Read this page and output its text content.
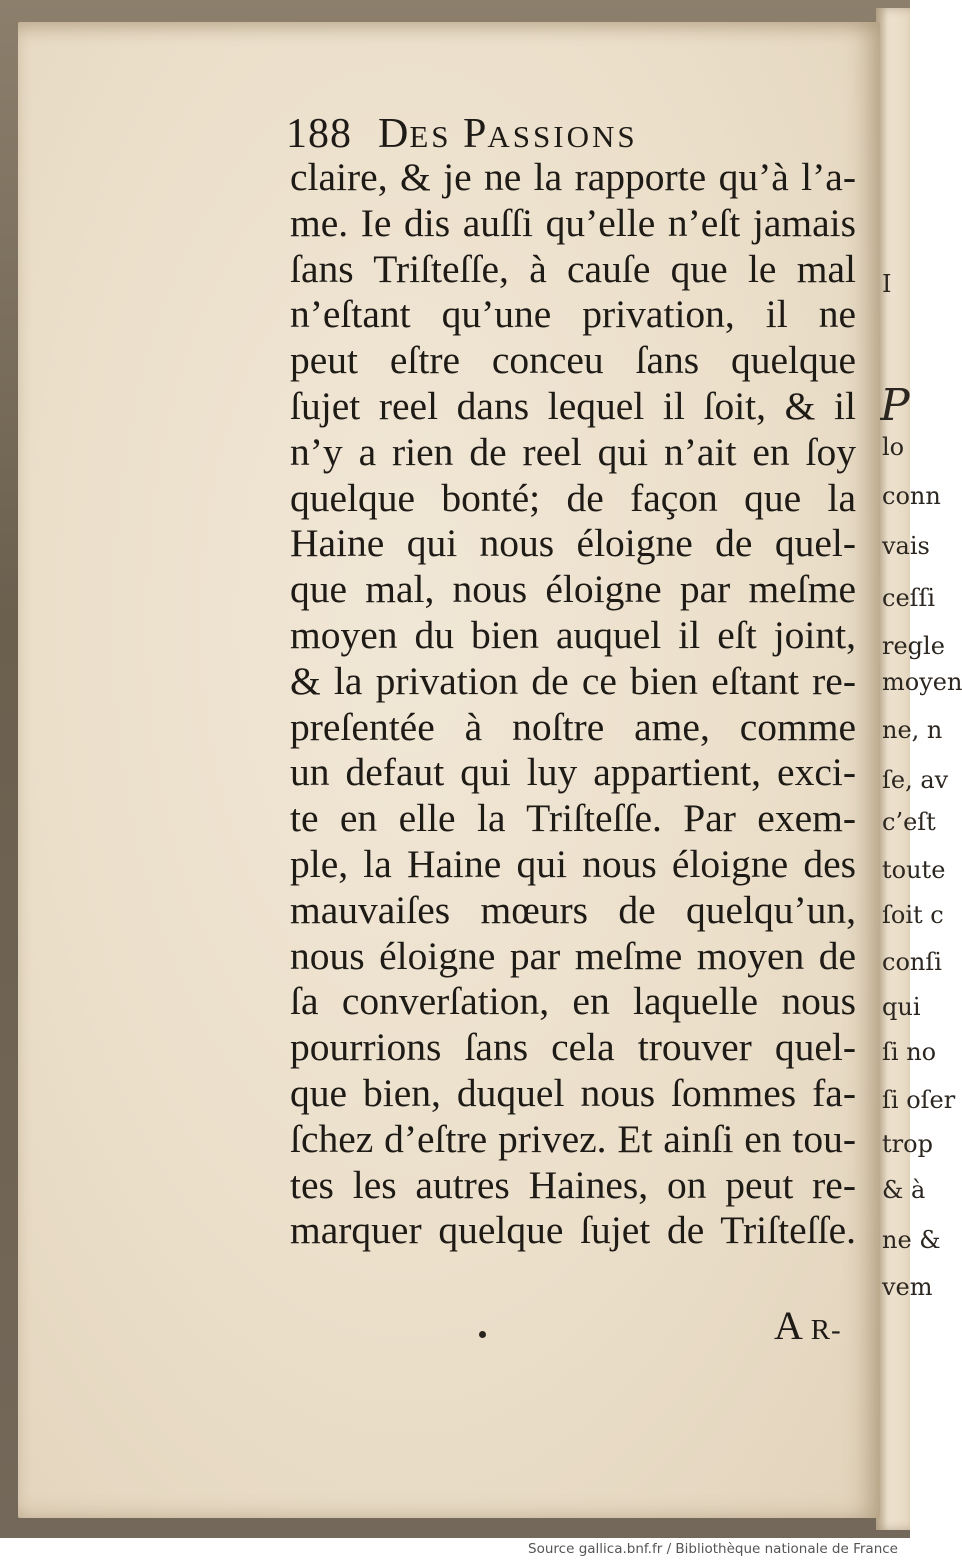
I
P
lo
conn
vais
ceſſi
regle
moyen
ne, n
ſe, av
c’eſt
toute
ſoit c
conſi
qui
ſi no
ſi oſer
trop
& à
ne &
vem
188 DES PASSIONS
claire, & je ne la rapporte qu’à l’a-
me. Ie dis auſſi qu’elle n’eſt jamais
ſans Triſteſſe, à cauſe que le mal
n’eſtant qu’une privation, il ne
peut eſtre conceu ſans quelque
ſujet reel dans lequel il ſoit, & il
n’y a rien de reel qui n’ait en ſoy
quelque bonté; de façon que la
Haine qui nous éloigne de quel-
que mal, nous éloigne par meſme
moyen du bien auquel il eſt joint,
& la privation de ce bien eſtant re-
preſentée à noſtre ame, comme
un defaut qui luy appartient, exci-
te en elle la Triſteſſe. Par exem-
ple, la Haine qui nous éloigne des
mauvaiſes mœurs de quelqu’un,
nous éloigne par meſme moyen de
ſa converſation, en laquelle nous
pourrions ſans cela trouver quel-
que bien, duquel nous ſommes fa-
ſchez d’eſtre privez. Et ainſi en tou-
tes les autres Haines, on peut re-
marquer quelque ſujet de Triſteſſe.
A R-
Source gallica.bnf.fr / Bibliothèque nationale de France
